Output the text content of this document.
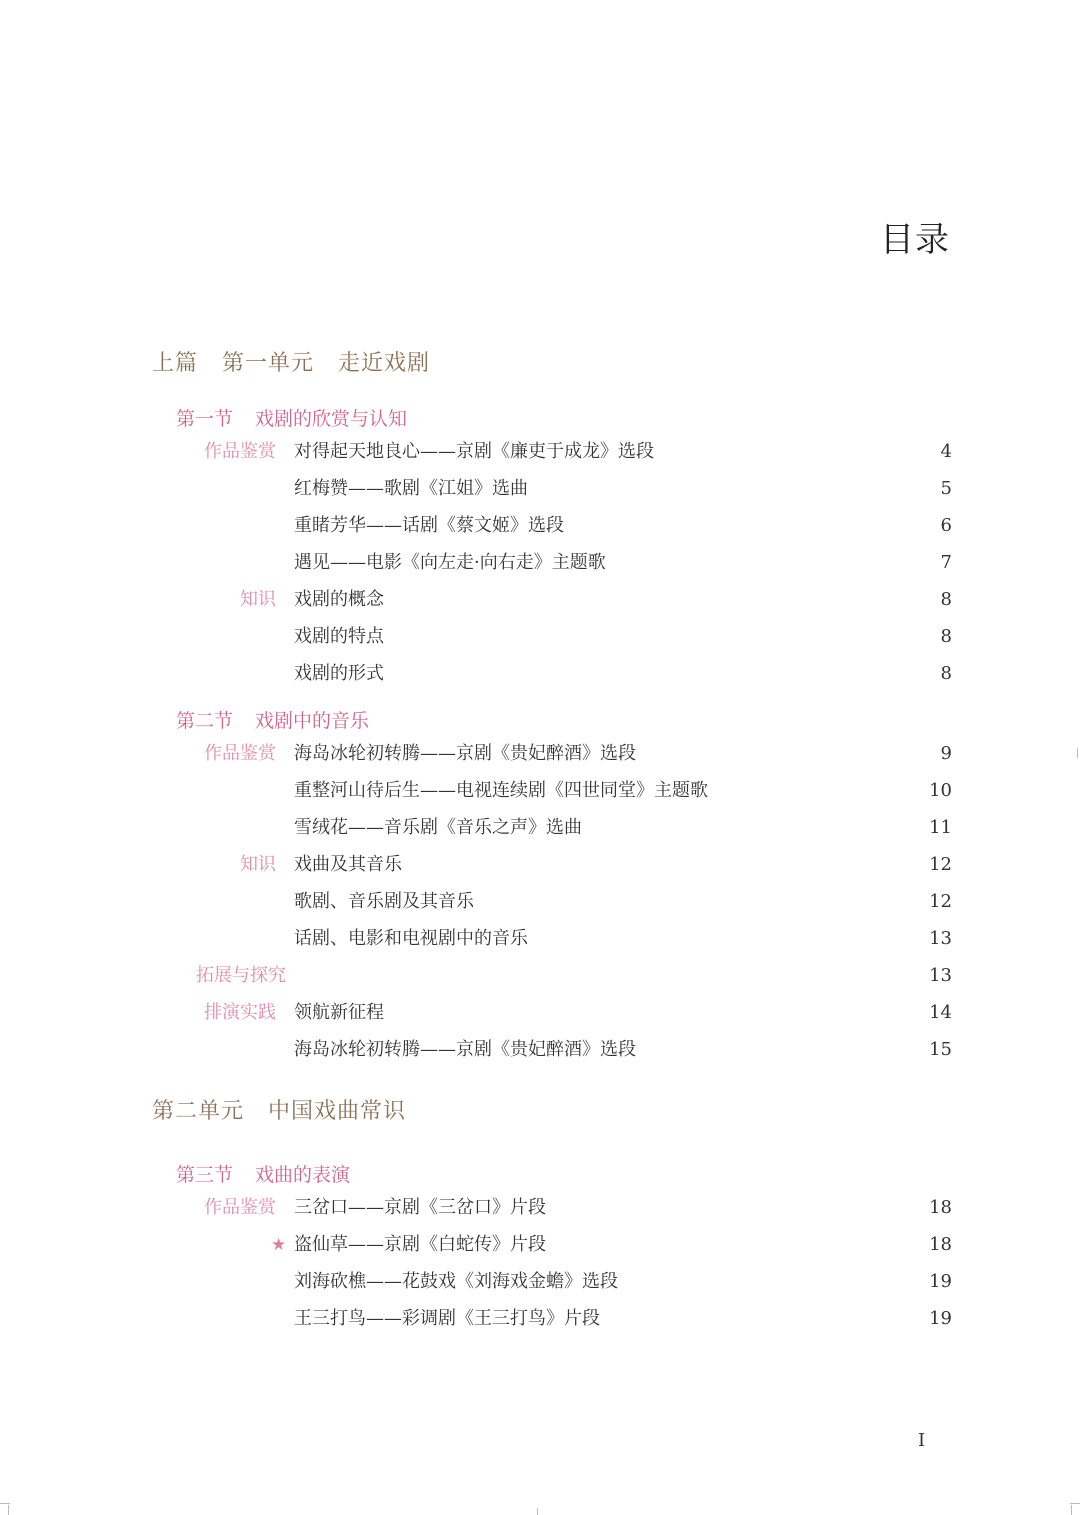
目录
上篇 第一单元 走近戏剧
第一节 戏剧的欣赏与认知
作品鉴赏 对得起天地良心——京剧《廉吏于成龙》选段	4
红梅赞——歌剧《江姐》选曲	5
重睹芳华——话剧《蔡文姬》选段	6
遇见——电影《向左走·向右走》主题歌	7
知识 戏剧的概念	8
戏剧的特点	8
戏剧的形式	8
第二节 戏剧中的音乐
作品鉴赏 海岛冰轮初转腾——京剧《贵妃醉酒》选段	9
重整河山待后生——电视连续剧《四世同堂》主题歌	10
雪绒花——音乐剧《音乐之声》选曲	11
知识 戏曲及其音乐	12
歌剧、音乐剧及其音乐	12
话剧、电影和电视剧中的音乐	13
拓展与探究	13
排演实践 领航新征程	14
海岛冰轮初转腾——京剧《贵妃醉酒》选段	15
第二单元 中国戏曲常识
第三节 戏曲的表演
作品鉴赏 三岔口——京剧《三岔口》片段	18
★ 盗仙草——京剧《白蛇传》片段	18
刘海砍樵——花鼓戏《刘海戏金蟾》选段	19
王三打鸟——彩调剧《王三打鸟》片段	19
I
